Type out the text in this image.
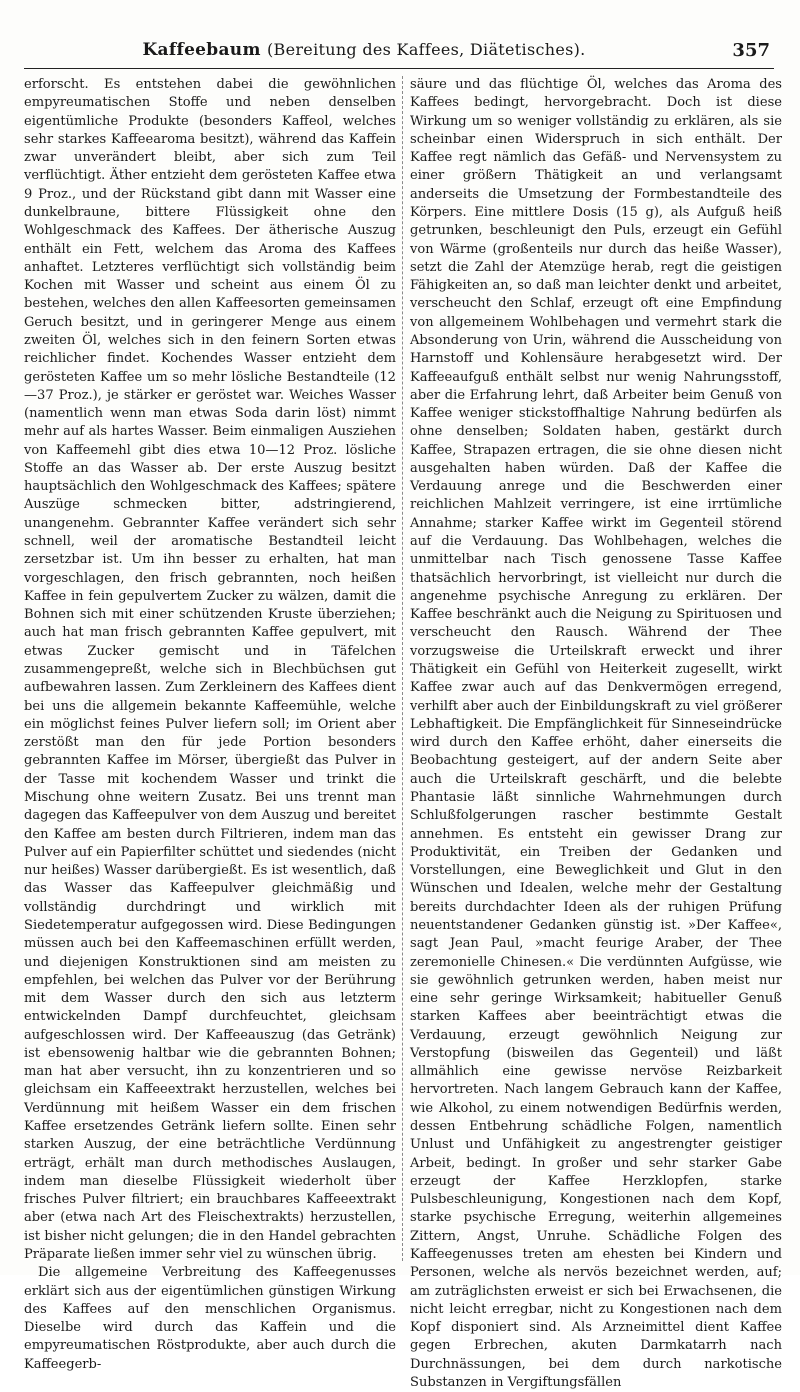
Kaffeebaum (Bereitung des Kaffees, Diätetisches).	357

erforscht. Es entstehen dabei die gewöhnlichen empyreumatischen Stoffe und neben denselben eigentümliche Produkte (besonders Kaffeol, welches sehr starkes Kaffeearoma besitzt), während das Kaffein zwar unverändert bleibt, aber sich zum Teil verflüchtigt. Äther entzieht dem gerösteten Kaffee etwa 9 Proz., und der Rückstand gibt dann mit Wasser eine dunkelbraune, bittere Flüssigkeit ohne den Wohlgeschmack des Kaffees. Der ätherische Auszug enthält ein Fett, welchem das Aroma des Kaffees anhaftet. Letzteres verflüchtigt sich vollständig beim Kochen mit Wasser und scheint aus einem Öl zu bestehen, welches den allen Kaffeesorten gemeinsamen Geruch besitzt, und in geringerer Menge aus einem zweiten Öl, welches sich in den feinern Sorten etwas reichlicher findet. Kochendes Wasser entzieht dem gerösteten Kaffee um so mehr lösliche Bestandteile (12—37 Proz.), je stärker er geröstet war. Weiches Wasser (namentlich wenn man etwas Soda darin löst) nimmt mehr auf als hartes Wasser. Beim einmaligen Ausziehen von Kaffeemehl gibt dies etwa 10—12 Proz. lösliche Stoffe an das Wasser ab. Der erste Auszug besitzt hauptsächlich den Wohlgeschmack des Kaffees; spätere Auszüge schmecken bitter, adstringierend, unangenehm. Gebrannter Kaffee verändert sich sehr schnell, weil der aromatische Bestandteil leicht zersetzbar ist. Um ihn besser zu erhalten, hat man vorgeschlagen, den frisch gebrannten, noch heißen Kaffee in fein gepulvertem Zucker zu wälzen, damit die Bohnen sich mit einer schützenden Kruste überziehen; auch hat man frisch gebrannten Kaffee gepulvert, mit etwas Zucker gemischt und in Täfelchen zusammengepreßt, welche sich in Blechbüchsen gut aufbewahren lassen. Zum Zerkleinern des Kaffees dient bei uns die allgemein bekannte Kaffeemühle, welche ein möglichst feines Pulver liefern soll; im Orient aber zerstößt man den für jede Portion besonders gebrannten Kaffee im Mörser, übergießt das Pulver in der Tasse mit kochendem Wasser und trinkt die Mischung ohne weitern Zusatz. Bei uns trennt man dagegen das Kaffeepulver von dem Auszug und bereitet den Kaffee am besten durch Filtrieren, indem man das Pulver auf ein Papierfilter schüttet und siedendes (nicht nur heißes) Wasser darübergießt. Es ist wesentlich, daß das Wasser das Kaffeepulver gleichmäßig und vollständig durchdringt und wirklich mit Siedetemperatur aufgegossen wird. Diese Bedingungen müssen auch bei den Kaffeemaschinen erfüllt werden, und diejenigen Konstruktionen sind am meisten zu empfehlen, bei welchen das Pulver vor der Berührung mit dem Wasser durch den sich aus letzterm entwickelnden Dampf durchfeuchtet, gleichsam aufgeschlossen wird. Der Kaffeeauszug (das Getränk) ist ebensowenig haltbar wie die gebrannten Bohnen; man hat aber versucht, ihn zu konzentrieren und so gleichsam ein Kaffeeextrakt herzustellen, welches bei Verdünnung mit heißem Wasser ein dem frischen Kaffee ersetzendes Getränk liefern sollte. Einen sehr starken Auszug, der eine beträchtliche Verdünnung erträgt, erhält man durch methodisches Auslaugen, indem man dieselbe Flüssigkeit wiederholt über frisches Pulver filtriert; ein brauchbares Kaffeeextrakt aber (etwa nach Art des Fleischextrakts) herzustellen, ist bisher nicht gelungen; die in den Handel gebrachten Präparate ließen immer sehr viel zu wünschen übrig.

Die allgemeine Verbreitung des Kaffeegenusses erklärt sich aus der eigentümlichen günstigen Wirkung des Kaffees auf den menschlichen Organismus. Dieselbe wird durch das Kaffein und die empyreumatischen Röstprodukte, aber auch durch die Kaffeegerb-

säure und das flüchtige Öl, welches das Aroma des Kaffees bedingt, hervorgebracht. Doch ist diese Wirkung um so weniger vollständig zu erklären, als sie scheinbar einen Widerspruch in sich enthält. Der Kaffee regt nämlich das Gefäß- und Nervensystem zu einer größern Thätigkeit an und verlangsamt anderseits die Umsetzung der Formbestandteile des Körpers. Eine mittlere Dosis (15 g), als Aufguß heiß getrunken, beschleunigt den Puls, erzeugt ein Gefühl von Wärme (großenteils nur durch das heiße Wasser), setzt die Zahl der Atemzüge herab, regt die geistigen Fähigkeiten an, so daß man leichter denkt und arbeitet, verscheucht den Schlaf, erzeugt oft eine Empfindung von allgemeinem Wohlbehagen und vermehrt stark die Absonderung von Urin, während die Ausscheidung von Harnstoff und Kohlensäure herabgesetzt wird. Der Kaffeeaufguß enthält selbst nur wenig Nahrungsstoff, aber die Erfahrung lehrt, daß Arbeiter beim Genuß von Kaffee weniger stickstoffhaltige Nahrung bedürfen als ohne denselben; Soldaten haben, gestärkt durch Kaffee, Strapazen ertragen, die sie ohne diesen nicht ausgehalten haben würden. Daß der Kaffee die Verdauung anrege und die Beschwerden einer reichlichen Mahlzeit verringere, ist eine irrtümliche Annahme; starker Kaffee wirkt im Gegenteil störend auf die Verdauung. Das Wohlbehagen, welches die unmittelbar nach Tisch genossene Tasse Kaffee thatsächlich hervorbringt, ist vielleicht nur durch die angenehme psychische Anregung zu erklären. Der Kaffee beschränkt auch die Neigung zu Spirituosen und verscheucht den Rausch. Während der Thee vorzugsweise die Urteilskraft erweckt und ihrer Thätigkeit ein Gefühl von Heiterkeit zugesellt, wirkt Kaffee zwar auch auf das Denkvermögen erregend, verhilft aber auch der Einbildungskraft zu viel größerer Lebhaftigkeit. Die Empfänglichkeit für Sinneseindrücke wird durch den Kaffee erhöht, daher einerseits die Beobachtung gesteigert, auf der andern Seite aber auch die Urteilskraft geschärft, und die belebte Phantasie läßt sinnliche Wahrnehmungen durch Schlußfolgerungen rascher bestimmte Gestalt annehmen. Es entsteht ein gewisser Drang zur Produktivität, ein Treiben der Gedanken und Vorstellungen, eine Beweglichkeit und Glut in den Wünschen und Idealen, welche mehr der Gestaltung bereits durchdachter Ideen als der ruhigen Prüfung neuentstandener Gedanken günstig ist. »Der Kaffee«, sagt Jean Paul, »macht feurige Araber, der Thee zeremonielle Chinesen.« Die verdünnten Aufgüsse, wie sie gewöhnlich getrunken werden, haben meist nur eine sehr geringe Wirksamkeit; habitueller Genuß starken Kaffees aber beeinträchtigt etwas die Verdauung, erzeugt gewöhnlich Neigung zur Verstopfung (bisweilen das Gegenteil) und läßt allmählich eine gewisse nervöse Reizbarkeit hervortreten. Nach langem Gebrauch kann der Kaffee, wie Alkohol, zu einem notwendigen Bedürfnis werden, dessen Entbehrung schädliche Folgen, namentlich Unlust und Unfähigkeit zu angestrengter geistiger Arbeit, bedingt. In großer und sehr starker Gabe erzeugt der Kaffee Herzklopfen, starke Pulsbeschleunigung, Kongestionen nach dem Kopf, starke psychische Erregung, weiterhin allgemeines Zittern, Angst, Unruhe. Schädliche Folgen des Kaffeegenusses treten am ehesten bei Kindern und Personen, welche als nervös bezeichnet werden, auf; am zuträglichsten erweist er sich bei Erwachsenen, die nicht leicht erregbar, nicht zu Kongestionen nach dem Kopf disponiert sind. Als Arzneimittel dient Kaffee gegen Erbrechen, akuten Darmkatarrh nach Durchnässungen, bei dem durch narkotische Substanzen in Vergiftungsfällen
